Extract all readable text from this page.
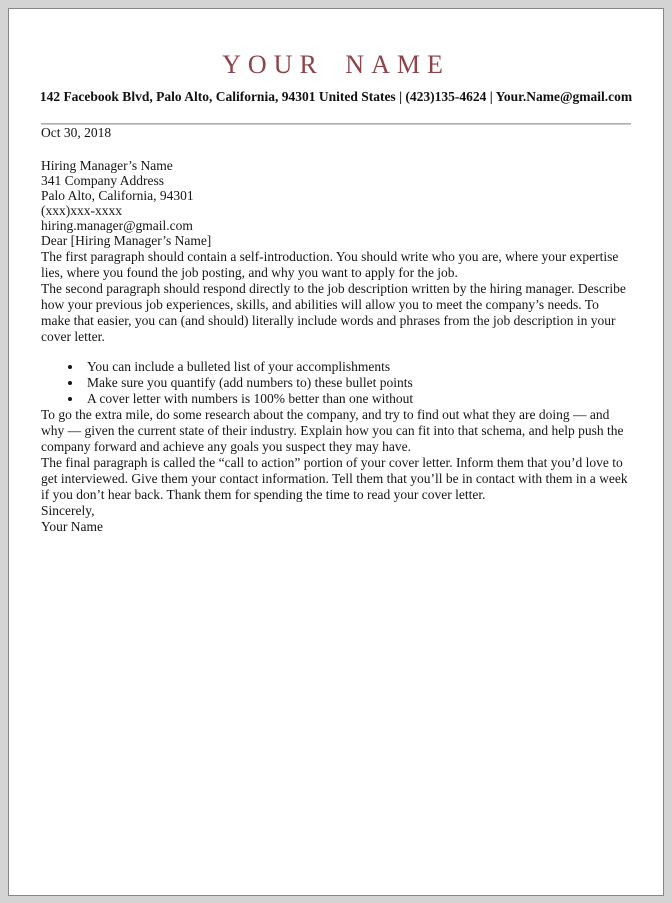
YOUR NAME

142 Facebook Blvd, Palo Alto, California, 94301 United States | (423)135-4624 | Your.Name@gmail.com

Oct 30, 2018

Hiring Manager’s Name
341 Company Address
Palo Alto, California, 94301
(xxx)xxx-xxxx
hiring.manager@gmail.com

Dear [Hiring Manager’s Name]

The first paragraph should contain a self-introduction. You should write who you are, where your expertise lies, where you found the job posting, and why you want to apply for the job.

The second paragraph should respond directly to the job description written by the hiring manager. Describe how your previous job experiences, skills, and abilities will allow you to meet the company’s needs. To make that easier, you can (and should) literally include words and phrases from the job description in your cover letter.

• You can include a bulleted list of your accomplishments
• Make sure you quantify (add numbers to) these bullet points
• A cover letter with numbers is 100% better than one without

To go the extra mile, do some research about the company, and try to find out what they are doing — and why — given the current state of their industry. Explain how you can fit into that schema, and help push the company forward and achieve any goals you suspect they may have.

The final paragraph is called the “call to action” portion of your cover letter. Inform them that you’d love to get interviewed. Give them your contact information. Tell them that you’ll be in contact with them in a week if you don’t hear back. Thank them for spending the time to read your cover letter.

Sincerely,

Your Name
